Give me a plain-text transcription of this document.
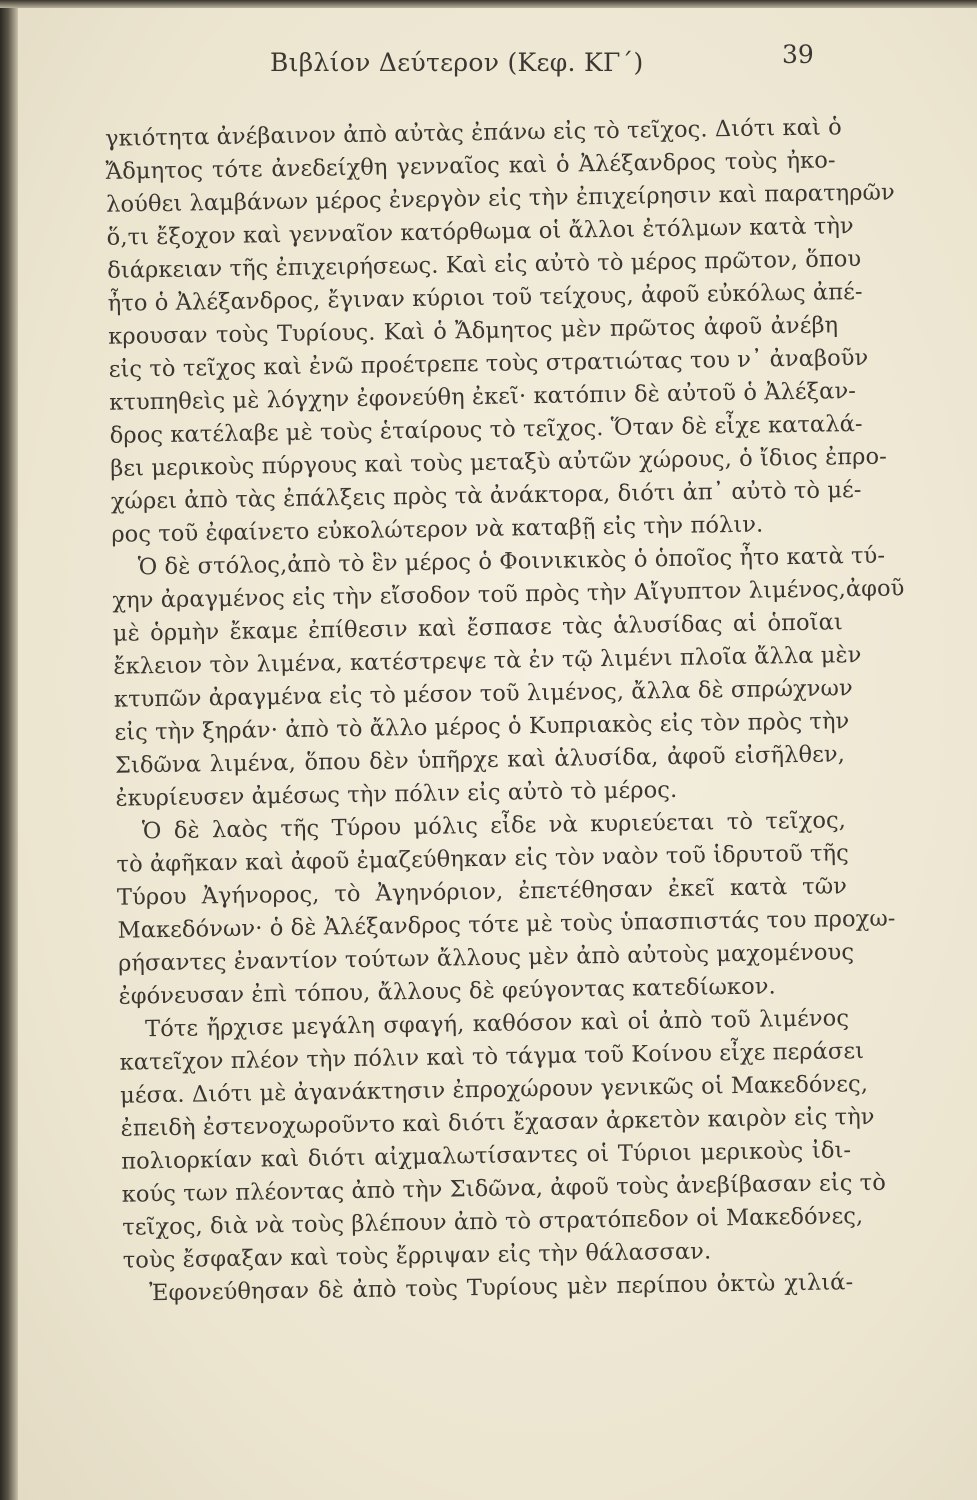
Βιβλίον Δεύτερον (Κεφ. ΚΓ΄)	39
γκιότητα ἀνέβαινον ἀπὸ αὐτὰς ἐπάνω εἰς τὸ τεῖχος. Διότι καὶ ὁ
Ἄδμητος τότε ἀνεδείχθη γενναῖος καὶ ὁ Ἀλέξανδρος τοὺς ἠκο-
λούθει λαμβάνων μέρος ἐνεργὸν εἰς τὴν ἐπιχείρησιν καὶ παρατηρῶν
ὅ,τι ἔξοχον καὶ γενναῖον κατόρθωμα οἱ ἄλλοι ἐτόλμων κατὰ τὴν
διάρκειαν τῆς ἐπιχειρήσεως. Καὶ εἰς αὐτὸ τὸ μέρος πρῶτον, ὅπου
ἦτο ὁ Ἀλέξανδρος, ἔγιναν κύριοι τοῦ τείχους, ἀφοῦ εὐκόλως ἀπέ-
κρουσαν τοὺς Τυρίους. Καὶ ὁ Ἄδμητος μὲν πρῶτος ἀφοῦ ἀνέβη
εἰς τὸ τεῖχος καὶ ἐνῶ προέτρεπε τοὺς στρατιώτας του ν᾽ ἀναβοῦν
κτυπηθεὶς μὲ λόγχην ἐφονεύθη ἐκεῖ· κατόπιν δὲ αὐτοῦ ὁ Ἀλέξαν-
δρος κατέλαβε μὲ τοὺς ἑταίρους τὸ τεῖχος. Ὅταν δὲ εἶχε καταλά-
βει μερικοὺς πύργους καὶ τοὺς μεταξὺ αὐτῶν χώρους, ὁ ἴδιος ἐπρο-
χώρει ἀπὸ τὰς ἐπάλξεις πρὸς τὰ ἀνάκτορα, διότι ἀπ᾽ αὐτὸ τὸ μέ-
ρος τοῦ ἐφαίνετο εὐκολώτερον νὰ καταβῇ εἰς τὴν πόλιν.
Ὁ δὲ στόλος,ἀπὸ τὸ ἓν μέρος ὁ Φοινικικὸς ὁ ὁποῖος ἦτο κατὰ τύ-
χην ἀραγμένος εἰς τὴν εἴσοδον τοῦ πρὸς τὴν Αἴγυπτον λιμένος,ἀφοῦ
μὲ ὁρμὴν ἔκαμε ἐπίθεσιν καὶ ἔσπασε τὰς ἁλυσίδας αἱ ὁποῖαι
ἔκλειον τὸν λιμένα, κατέστρεψε τὰ ἐν τῷ λιμένι πλοῖα ἄλλα μὲν
κτυπῶν ἀραγμένα εἰς τὸ μέσον τοῦ λιμένος, ἄλλα δὲ σπρώχνων
εἰς τὴν ξηράν· ἀπὸ τὸ ἄλλο μέρος ὁ Κυπριακὸς εἰς τὸν πρὸς τὴν
Σιδῶνα λιμένα, ὅπου δὲν ὑπῆρχε καὶ ἁλυσίδα, ἀφοῦ εἰσῆλθεν,
ἐκυρίευσεν ἀμέσως τὴν πόλιν εἰς αὐτὸ τὸ μέρος.
Ὁ δὲ λαὸς τῆς Τύρου μόλις εἶδε νὰ κυριεύεται τὸ τεῖχος,
τὸ ἀφῆκαν καὶ ἀφοῦ ἐμαζεύθηκαν εἰς τὸν ναὸν τοῦ ἱδρυτοῦ τῆς
Τύρου Ἀγήνορος, τὸ Ἀγηνόριον, ἐπετέθησαν ἐκεῖ κατὰ τῶν
Μακεδόνων· ὁ δὲ Ἀλέξανδρος τότε μὲ τοὺς ὑπασπιστάς του προχω-
ρήσαντες ἐναντίον τούτων ἄλλους μὲν ἀπὸ αὐτοὺς μαχομένους
ἐφόνευσαν ἐπὶ τόπου, ἄλλους δὲ φεύγοντας κατεδίωκον.
Τότε ἤρχισε μεγάλη σφαγή, καθόσον καὶ οἱ ἀπὸ τοῦ λιμένος
κατεῖχον πλέον τὴν πόλιν καὶ τὸ τάγμα τοῦ Κοίνου εἶχε περάσει
μέσα. Διότι μὲ ἀγανάκτησιν ἐπροχώρουν γενικῶς οἱ Μακεδόνες,
ἐπειδὴ ἐστενοχωροῦντο καὶ διότι ἔχασαν ἀρκετὸν καιρὸν εἰς τὴν
πολιορκίαν καὶ διότι αἰχμαλωτίσαντες οἱ Τύριοι μερικοὺς ἰδι-
κούς των πλέοντας ἀπὸ τὴν Σιδῶνα, ἀφοῦ τοὺς ἀνεβίβασαν εἰς τὸ
τεῖχος, διὰ νὰ τοὺς βλέπουν ἀπὸ τὸ στρατόπεδον οἱ Μακεδόνες,
τοὺς ἔσφαξαν καὶ τοὺς ἔρριψαν εἰς τὴν θάλασσαν.
Ἐφονεύθησαν δὲ ἀπὸ τοὺς Τυρίους μὲν περίπου ὀκτὼ χιλιά-
